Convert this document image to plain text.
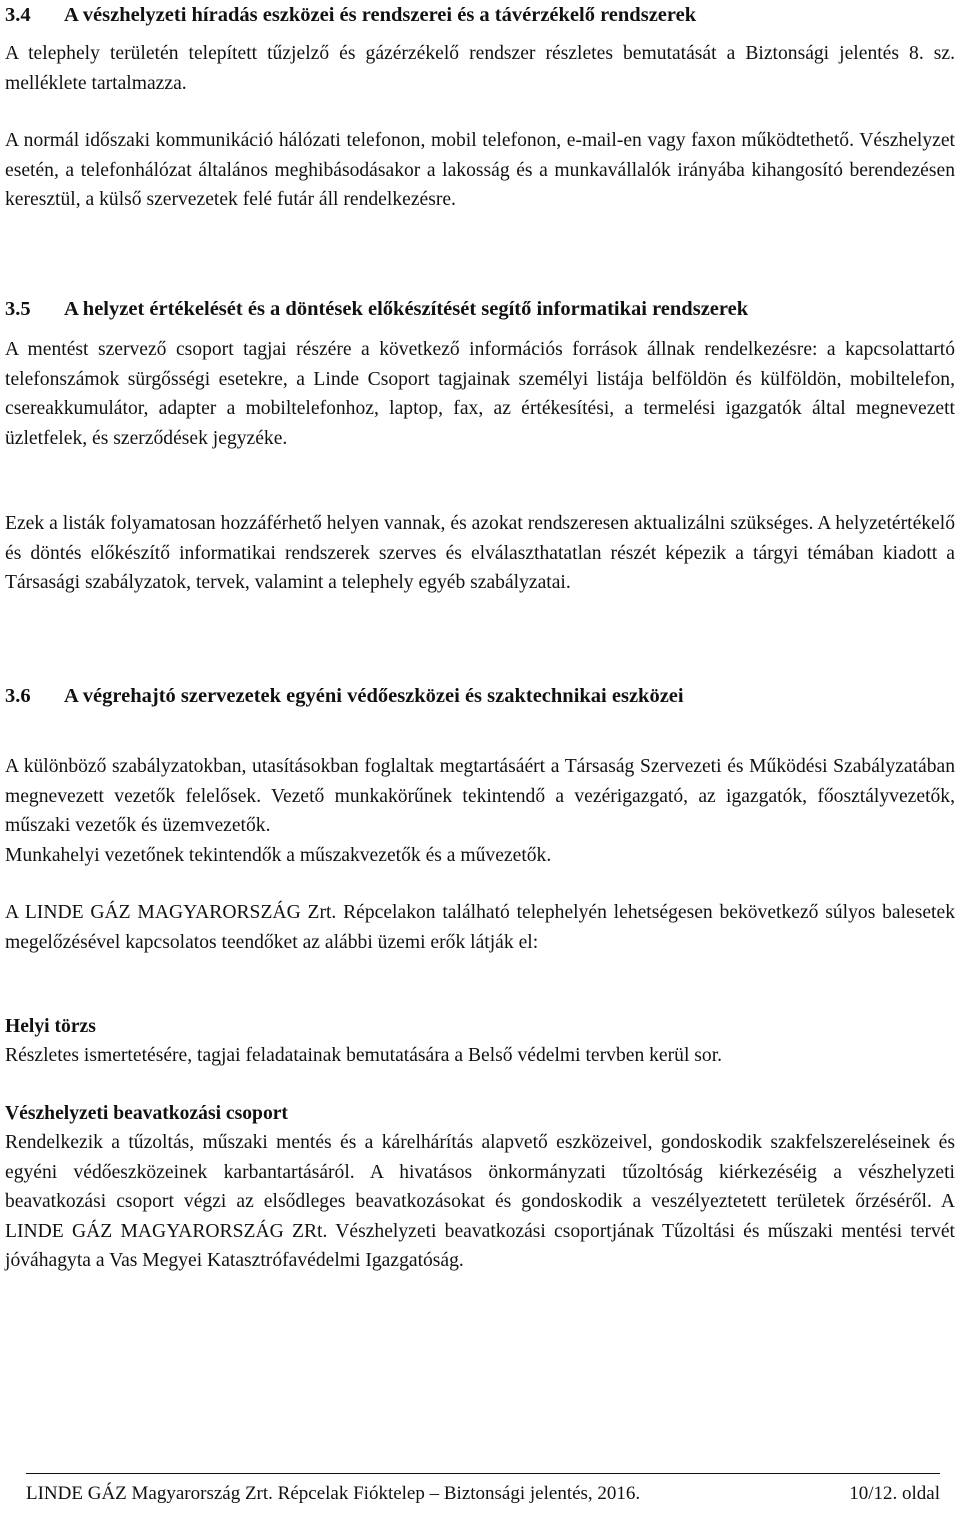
3.4 A vészhelyzeti híradás eszközei és rendszerei és a távérzékelő rendszerek

A telephely területén telepített tűzjelző és gázérzékelő rendszer részletes bemutatását a Biztonsági jelentés 8. sz. melléklete tartalmazza.

A normál időszaki kommunikáció hálózati telefonon, mobil telefonon, e-mail-en vagy faxon működtethető. Vészhelyzet esetén, a telefonhálózat általános meghibásodásakor a lakosság és a munkavállalók irányába kihangosító berendezésen keresztül, a külső szervezetek felé futár áll rendelkezésre.

3.5 A helyzet értékelését és a döntések előkészítését segítő informatikai rendszerek

A mentést szervező csoport tagjai részére a következő információs források állnak rendelkezésre: a kapcsolattartó telefonszámok sürgősségi esetekre, a Linde Csoport tagjainak személyi listája belföldön és külföldön, mobiltelefon, csereakkumulátor, adapter a mobiltelefonhoz, laptop, fax, az értékesítési, a termelési igazgatók által megnevezett üzletfelek, és szerződések jegyzéke.

Ezek a listák folyamatosan hozzáférhető helyen vannak, és azokat rendszeresen aktualizálni szükséges. A helyzetértékelő és döntés előkészítő informatikai rendszerek szerves és elválaszthatatlan részét képezik a tárgyi témában kiadott a Társasági szabályzatok, tervek, valamint a telephely egyéb szabályzatai.

3.6 A végrehajtó szervezetek egyéni védőeszközei és szaktechnikai eszközei

A különböző szabályzatokban, utasításokban foglaltak megtartásáért a Társaság Szervezeti és Működési Szabályzatában megnevezett vezetők felelősek. Vezető munkakörűnek tekintendő a vezérigazgató, az igazgatók, főosztályvezetők, műszaki vezetők és üzemvezetők.

Munkahelyi vezetőnek tekintendők a műszakvezetők és a művezetők.

A LINDE GÁZ MAGYARORSZÁG Zrt. Répcelakon található telephelyén lehetségesen bekövetkező súlyos balesetek megelőzésével kapcsolatos teendőket az alábbi üzemi erők látják el:

Helyi törzs

Részletes ismertetésére, tagjai feladatainak bemutatására a Belső védelmi tervben kerül sor.

Vészhelyzeti beavatkozási csoport

Rendelkezik a tűzoltás, műszaki mentés és a kárelhárítás alapvető eszközeivel, gondoskodik szakfelszereléseinek és egyéni védőeszközeinek karbantartásáról. A hivatásos önkormányzati tűzoltóság kiérkezéséig a vészhelyzeti beavatkozási csoport végzi az elsődleges beavatkozásokat és gondoskodik a veszélyeztetett területek őrzéséről. A LINDE GÁZ MAGYARORSZÁG ZRt. Vészhelyzeti beavatkozási csoportjának Tűzoltási és műszaki mentési tervét jóváhagyta a Vas Megyei Katasztrófavédelmi Igazgatóság.

LINDE GÁZ Magyarország Zrt. Répcelak Fióktelep – Biztonsági jelentés, 2016.	10/12. oldal
